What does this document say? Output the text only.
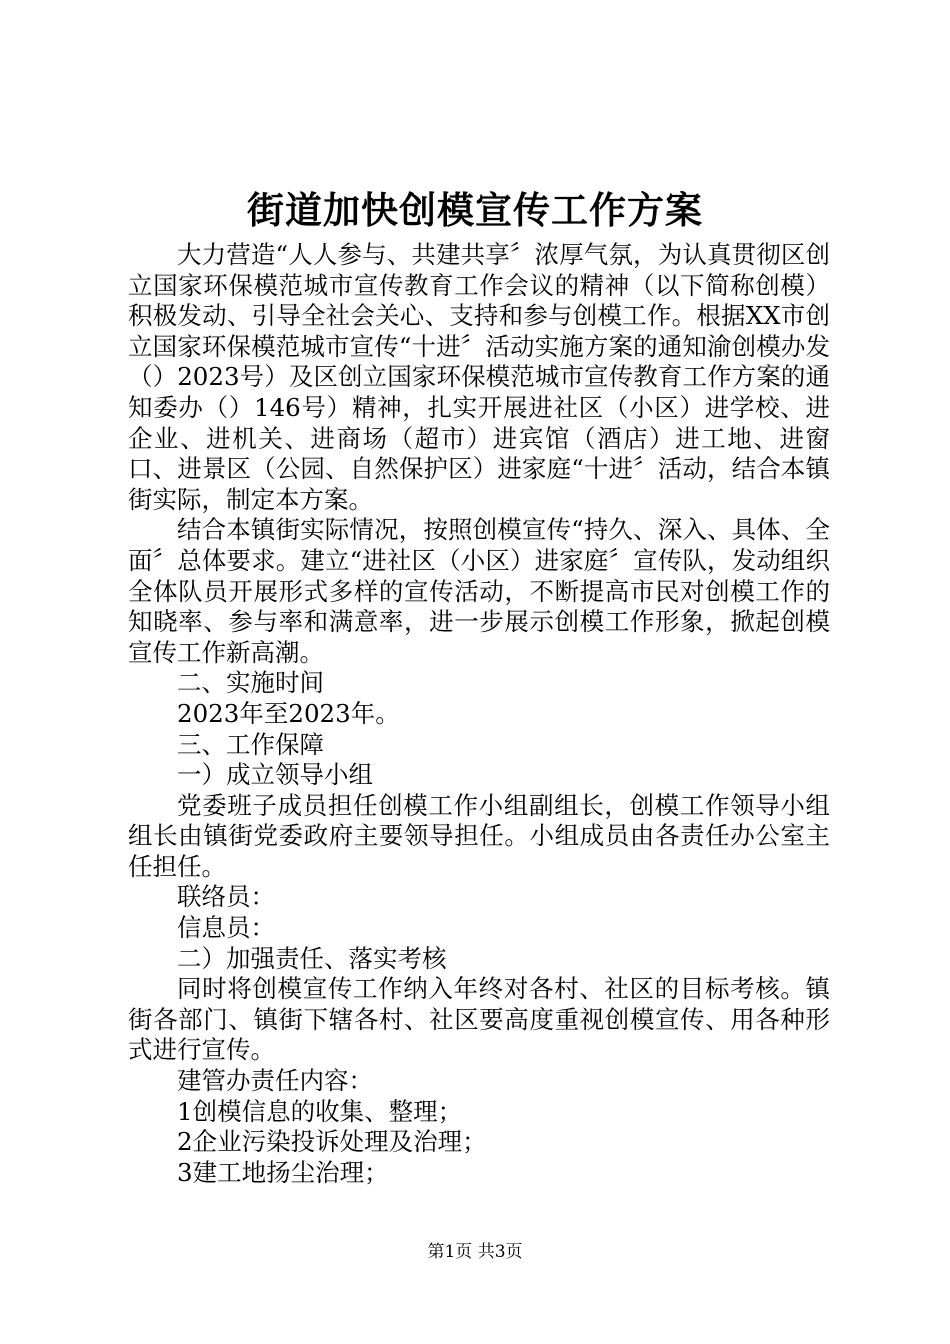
街道加快创模宣传工作方案

大力营造“人人参与、共建共享〞浓厚气氛，为认真贯彻区创立国家环保模范城市宣传教育工作会议的精神（以下简称创模）积极发动、引导全社会关心、支持和参与创模工作。根据XX市创立国家环保模范城市宣传“十进〞活动实施方案的通知渝创模办发（）2023号）及区创立国家环保模范城市宣传教育工作方案的通知委办（）146号）精神，扎实开展进社区（小区）进学校、进企业、进机关、进商场（超市）进宾馆（酒店）进工地、进窗口、进景区（公园、自然保护区）进家庭“十进〞活动，结合本镇街实际，制定本方案。

结合本镇街实际情况，按照创模宣传“持久、深入、具体、全面〞总体要求。建立“进社区（小区）进家庭〞宣传队，发动组织全体队员开展形式多样的宣传活动，不断提高市民对创模工作的知晓率、参与率和满意率，进一步展示创模工作形象，掀起创模宣传工作新高潮。

二、实施时间

2023年至2023年。

三、工作保障

一）成立领导小组

党委班子成员担任创模工作小组副组长，创模工作领导小组组长由镇街党委政府主要领导担任。小组成员由各责任办公室主任担任。

联络员：

信息员：

二）加强责任、落实考核

同时将创模宣传工作纳入年终对各村、社区的目标考核。镇街各部门、镇街下辖各村、社区要高度重视创模宣传、用各种形式进行宣传。

建管办责任内容：

1创模信息的收集、整理；

2企业污染投诉处理及治理；

3建工地扬尘治理；

第1页 共3页
